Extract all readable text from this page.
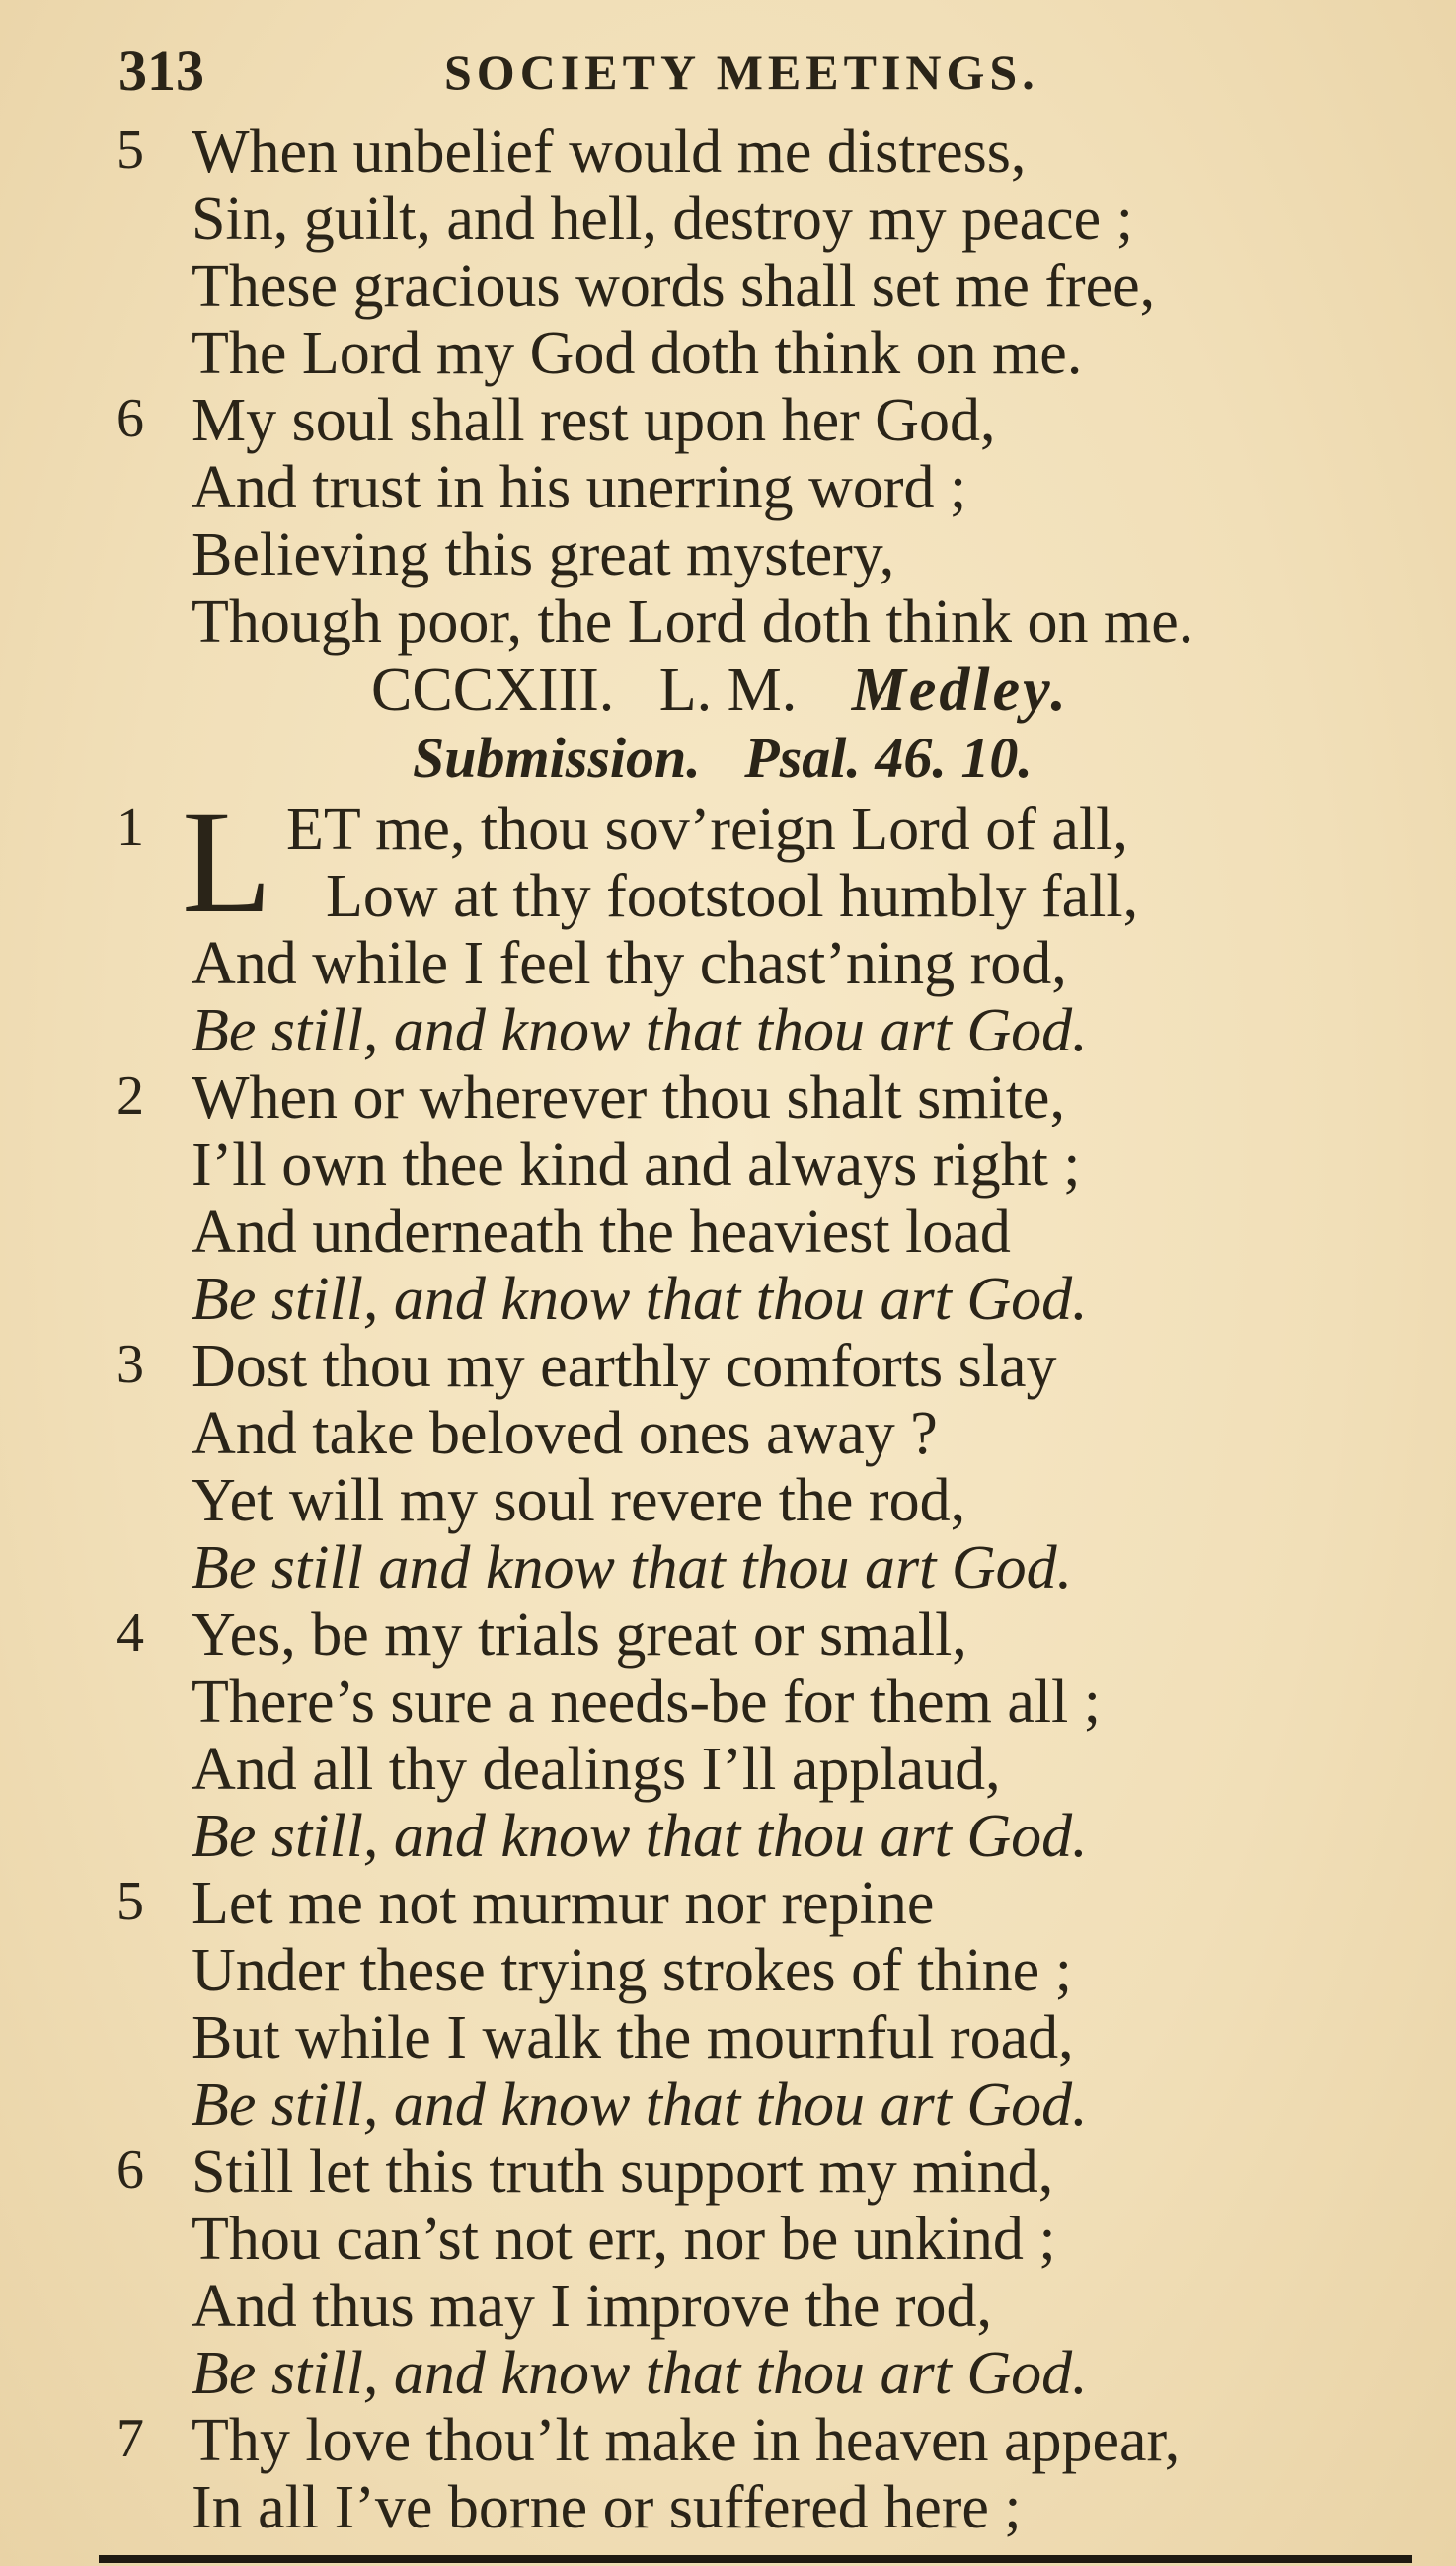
313	SOCIETY MEETINGS.
5 When unbelief would me distress,
Sin, guilt, and hell, destroy my peace ;
These gracious words shall set me free,
The Lord my God doth think on me.
6 My soul shall rest upon her God,
And trust in his unerring word ;
Believing this great mystery,
Though poor, the Lord doth think on me.
CCCXIII. L. M. Medley.
Submission. Psal. 46. 10.
1 L ET me, thou sov’reign Lord of all,
Low at thy footstool humbly fall,
And while I feel thy chast’ning rod,
Be still, and know that thou art God.
2 When or wherever thou shalt smite,
I’ll own thee kind and always right ;
And underneath the heaviest load
Be still, and know that thou art God.
3 Dost thou my earthly comforts slay
And take beloved ones away ?
Yet will my soul revere the rod,
Be still and know that thou art God.
4 Yes, be my trials great or small,
There’s sure a needs-be for them all ;
And all thy dealings I’ll applaud,
Be still, and know that thou art God.
5 Let me not murmur nor repine
Under these trying strokes of thine ;
But while I walk the mournful road,
Be still, and know that thou art God.
6 Still let this truth support my mind,
Thou can’st not err, nor be unkind ;
And thus may I improve the rod,
Be still, and know that thou art God.
7 Thy love thou’lt make in heaven appear,
In all I’ve borne or suffered here ;
